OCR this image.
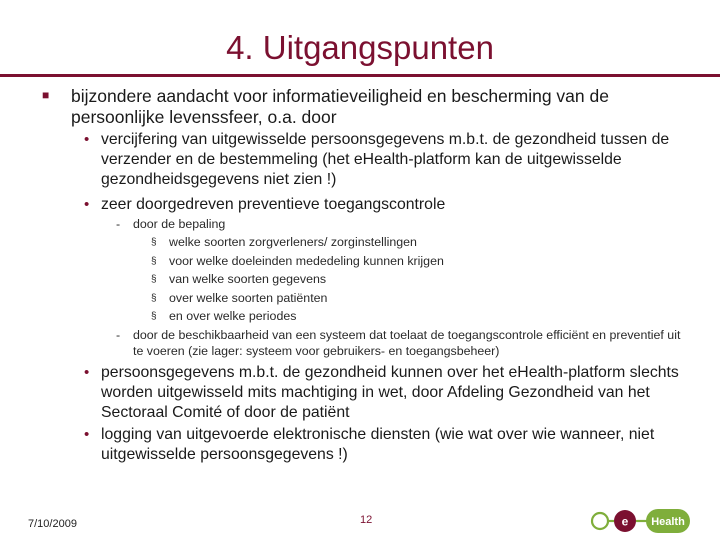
4. Uitgangspunten
■ bijzondere aandacht voor informatieveiligheid en bescherming van de persoonlijke levenssfeer, o.a. door
• vercijfering van uitgewisselde persoonsgegevens m.b.t. de gezondheid tussen de verzender en de bestemmeling (het eHealth-platform kan de uitgewisselde gezondheidsgegevens niet zien !)
• zeer doorgedreven preventieve toegangscontrole
- door de bepaling
§ welke soorten zorgverleners/ zorginstellingen
§ voor welke doeleinden mededeling kunnen krijgen
§ van welke soorten gegevens
§ over welke soorten patiënten
§ en over welke periodes
- door de beschikbaarheid van een systeem dat toelaat de toegangscontrole efficiënt en preventief uit te voeren (zie lager: systeem voor gebruikers- en toegangsbeheer)
• persoonsgegevens m.b.t. de gezondheid kunnen over het eHealth-platform slechts worden uitgewisseld mits machtiging in wet, door Afdeling Gezondheid van het Sectoraal Comité of door de patiënt
• logging van uitgevoerde elektronische diensten (wie wat over wie wanneer, niet uitgewisselde persoonsgegevens !)
7/10/2009	12	e Health
